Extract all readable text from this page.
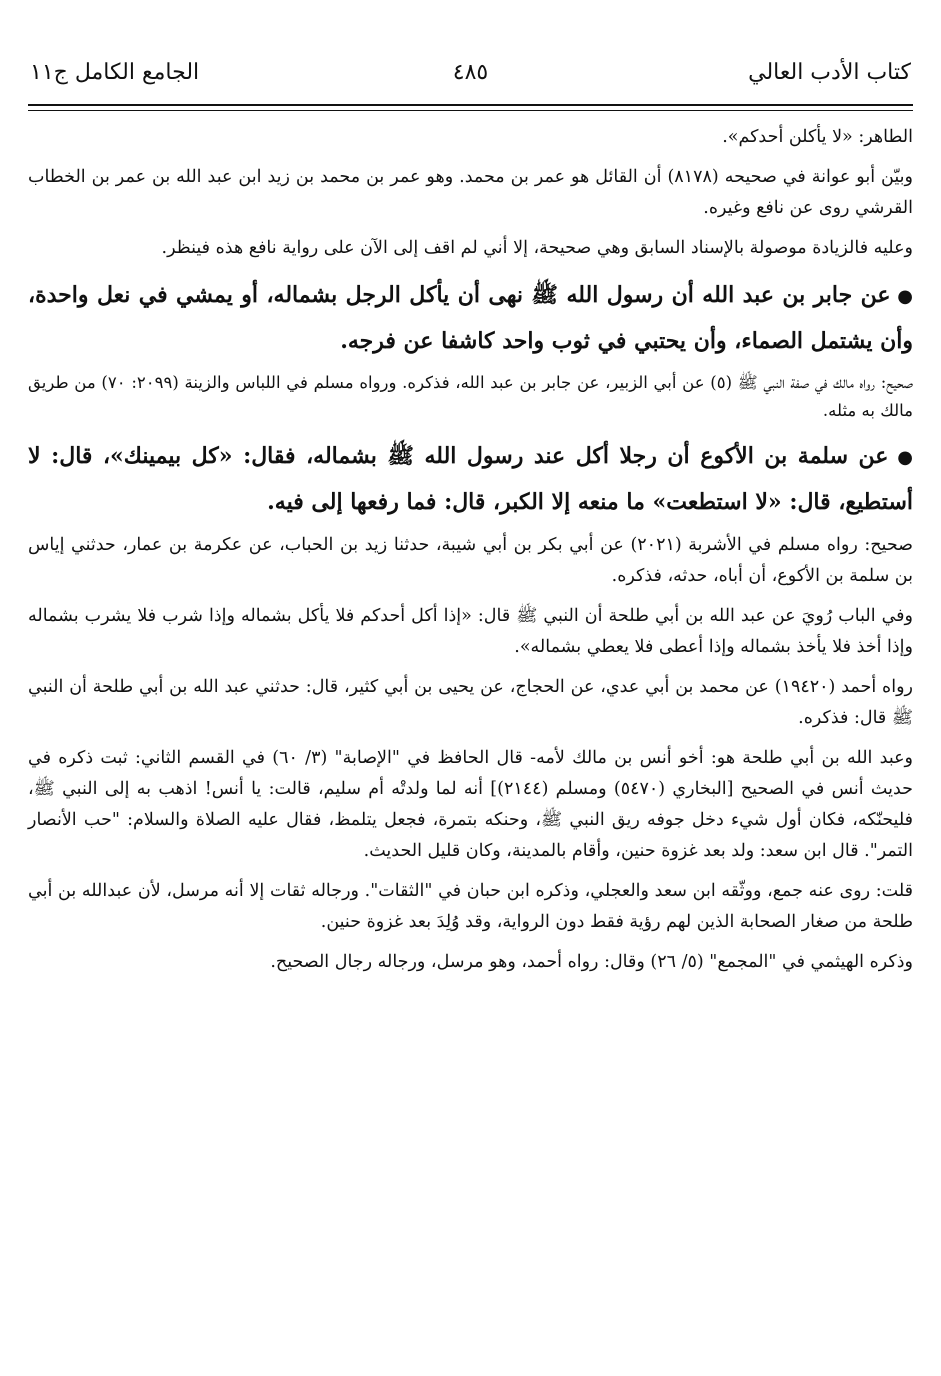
كتاب الأدب العالي
٤٨٥
الجامع الكامل ج١١

الطاهر: «لا يأكلن أحدكم».

وبيّن أبو عوانة في صحيحه (٨١٧٨) أن القائل هو عمر بن محمد. وهو عمر بن محمد بن زيد ابن عبد الله بن عمر بن الخطاب القرشي روى عن نافع وغيره.

وعليه فالزيادة موصولة بالإسناد السابق وهي صحيحة، إلا أني لم اقف إلى الآن على رواية نافع هذه فينظر.

● عن جابر بن عبد الله أن رسول الله ﷺ نهى أن يأكل الرجل بشماله، أو يمشي في نعل واحدة، وأن يشتمل الصماء، وأن يحتبي في ثوب واحد كاشفا عن فرجه.

صحيح: رواه مالك في صفة النبي ﷺ (٥) عن أبي الزبير، عن جابر بن عبد الله، فذكره. ورواه مسلم في اللباس والزينة (٢٠٩٩: ٧٠) من طريق مالك به مثله.

● عن سلمة بن الأكوع أن رجلا أكل عند رسول الله ﷺ بشماله، فقال: «كل بيمينك»، قال: لا أستطيع، قال: «لا استطعت» ما منعه إلا الكبر، قال: فما رفعها إلى فيه.

صحيح: رواه مسلم في الأشربة (٢٠٢١) عن أبي بكر بن أبي شيبة، حدثنا زيد بن الحباب، عن عكرمة بن عمار، حدثني إياس بن سلمة بن الأكوع، أن أباه، حدثه، فذكره.

وفي الباب رُويَ عن عبد الله بن أبي طلحة أن النبي ﷺ قال: «إذا أكل أحدكم فلا يأكل بشماله وإذا شرب فلا يشرب بشماله وإذا أخذ فلا يأخذ بشماله وإذا أعطى فلا يعطي بشماله».

رواه أحمد (١٩٤٢٠) عن محمد بن أبي عدي، عن الحجاج، عن يحيى بن أبي كثير، قال: حدثني عبد الله بن أبي طلحة أن النبي ﷺ قال: فذكره.

وعبد الله بن أبي طلحة هو: أخو أنس بن مالك لأمه- قال الحافظ في "الإصابة" (٣/ ٦٠) في القسم الثاني: ثبت ذكره في حديث أنس في الصحيح [البخاري (٥٤٧٠) ومسلم (٢١٤٤)] أنه لما ولدتْه أم سليم، قالت: يا أنس! اذهب به إلى النبي ﷺ، فليحنّكه، فكان أول شيء دخل جوفه ريق النبي ﷺ، وحنكه بتمرة، فجعل يتلمظ، فقال عليه الصلاة والسلام: "حب الأنصار التمر". قال ابن سعد: ولد بعد غزوة حنين، وأقام بالمدينة، وكان قليل الحديث.

قلت: روى عنه جمع، ووثّقه ابن سعد والعجلي، وذكره ابن حبان في "الثقات". ورجاله ثقات إلا أنه مرسل، لأن عبدالله بن أبي طلحة من صغار الصحابة الذين لهم رؤية فقط دون الرواية، وقد وُلِدَ بعد غزوة حنين.

وذكره الهيثمي في "المجمع" (٥/ ٢٦) وقال: رواه أحمد، وهو مرسل، ورجاله رجال الصحيح.
